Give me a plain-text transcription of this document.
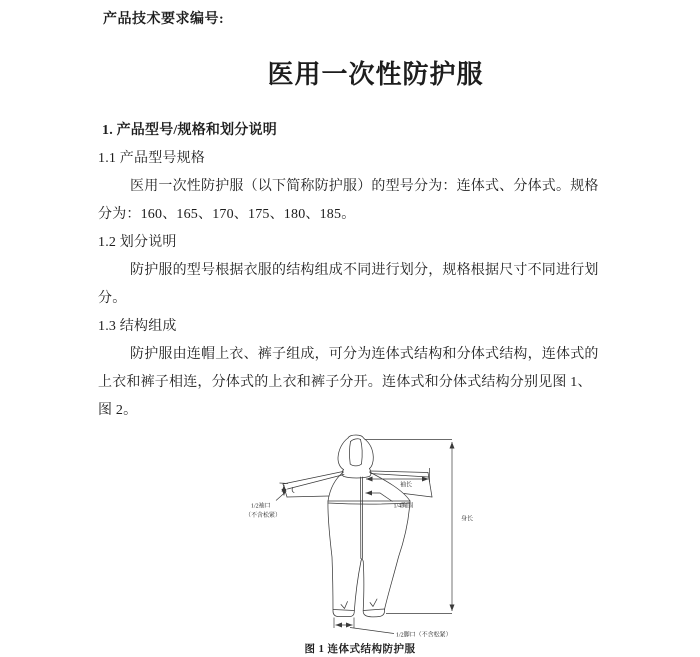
产品技术要求编号:
医用一次性防护服

1. 产品型号/规格和划分说明

1.1 产品型号规格

医用一次性防护服（以下简称防护服）的型号分为：连体式、分体式。规格

分为：160、165、170、175、180、185。

1.2 划分说明

防护服的型号根据衣服的结构组成不同进行划分，规格根据尺寸不同进行划

分。

1.3 结构组成

防护服由连帽上衣、裤子组成，可分为连体式结构和分体式结构，连体式的

上衣和裤子相连，分体式的上衣和裤子分开。连体式和分体式结构分别见图 1、

图 2。

袖长
1/4胸围
身长
1/2袖口
（不含松紧）
1/2脚口（不含松紧）
图 1 连体式结构防护服
